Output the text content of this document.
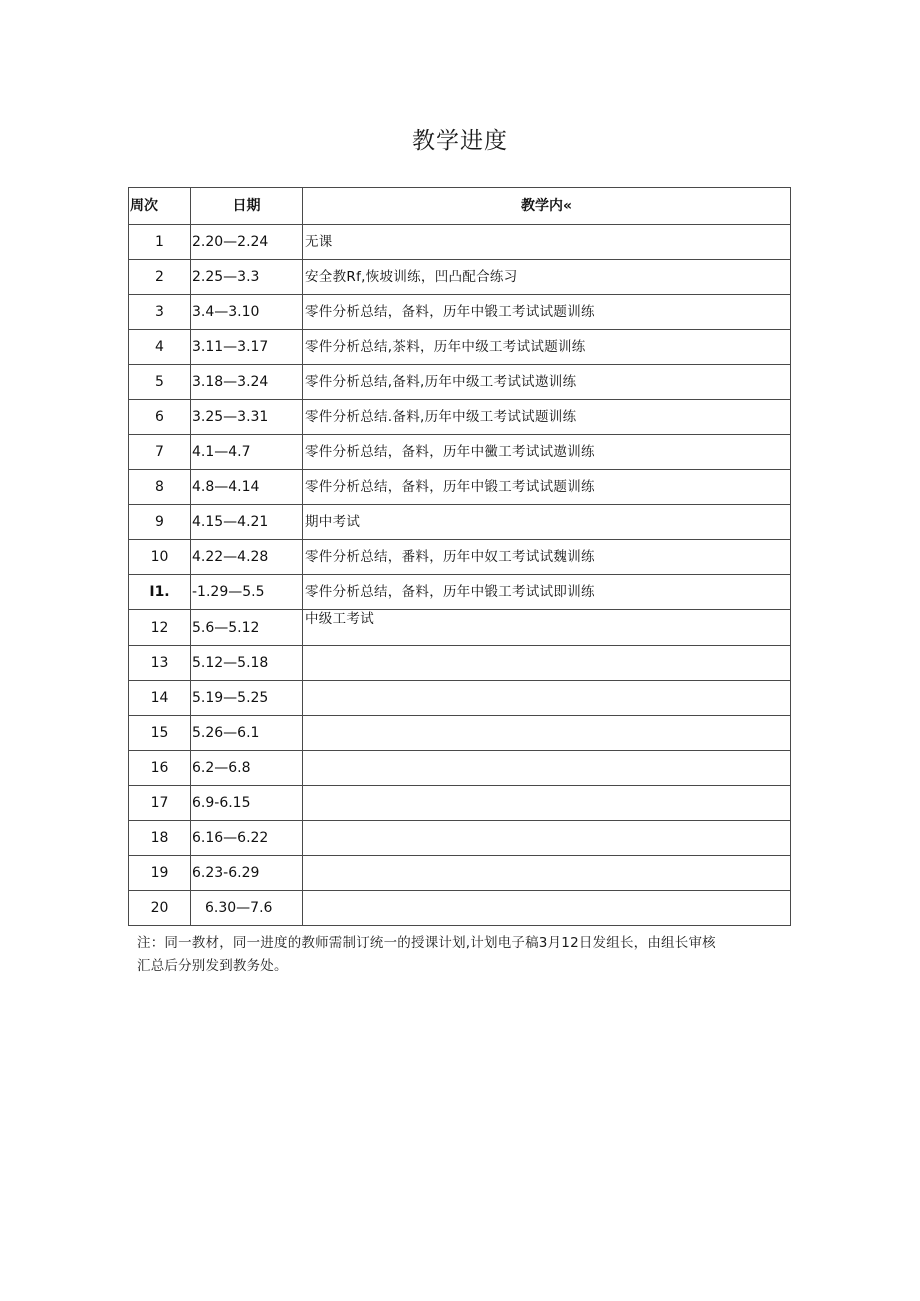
教学进度
周次	日期	教学内«
1	2.20—2.24	无课
2	2.25—3.3	安全教Rf,恢坡训练，凹凸配合练习
3	3.4—3.10	零件分析总结，备料，历年中锻工考试试题训练
4	3.11—3.17	零件分析总结,茶料，历年中级工考试试题训练
5	3.18—3.24	零件分析总结,备料,历年中级工考试试遨训练
6	3.25—3.31	零件分析总结.备料,历年中级工考试试题训练
7	4.1—4.7	零件分析总结，备料，历年中黴工考试试遨训练
8	4.8—4.14	零件分析总结，备料，历年中锻工考试试题训练
9	4.15—4.21	期中考试
10	4.22—4.28	零件分析总结，番料，历年中奴工考试试魏训练
I1.	-1.29—5.5	零件分析总结，备料，历年中锻工考试试即训练
12	5.6—5.12	中级工考试
13	5.12—5.18	
14	5.19—5.25	
15	5.26—6.1	
16	6.2—6.8	
17	6.9-6.15	
18	6.16—6.22	
19	6.23-6.29	
20	6.30—7.6	
注：同一教材，同一进度的教师需制订统一的授课计划,计划电子稿3月12日发组长，由组长审核
汇总后分别发到教务处。
